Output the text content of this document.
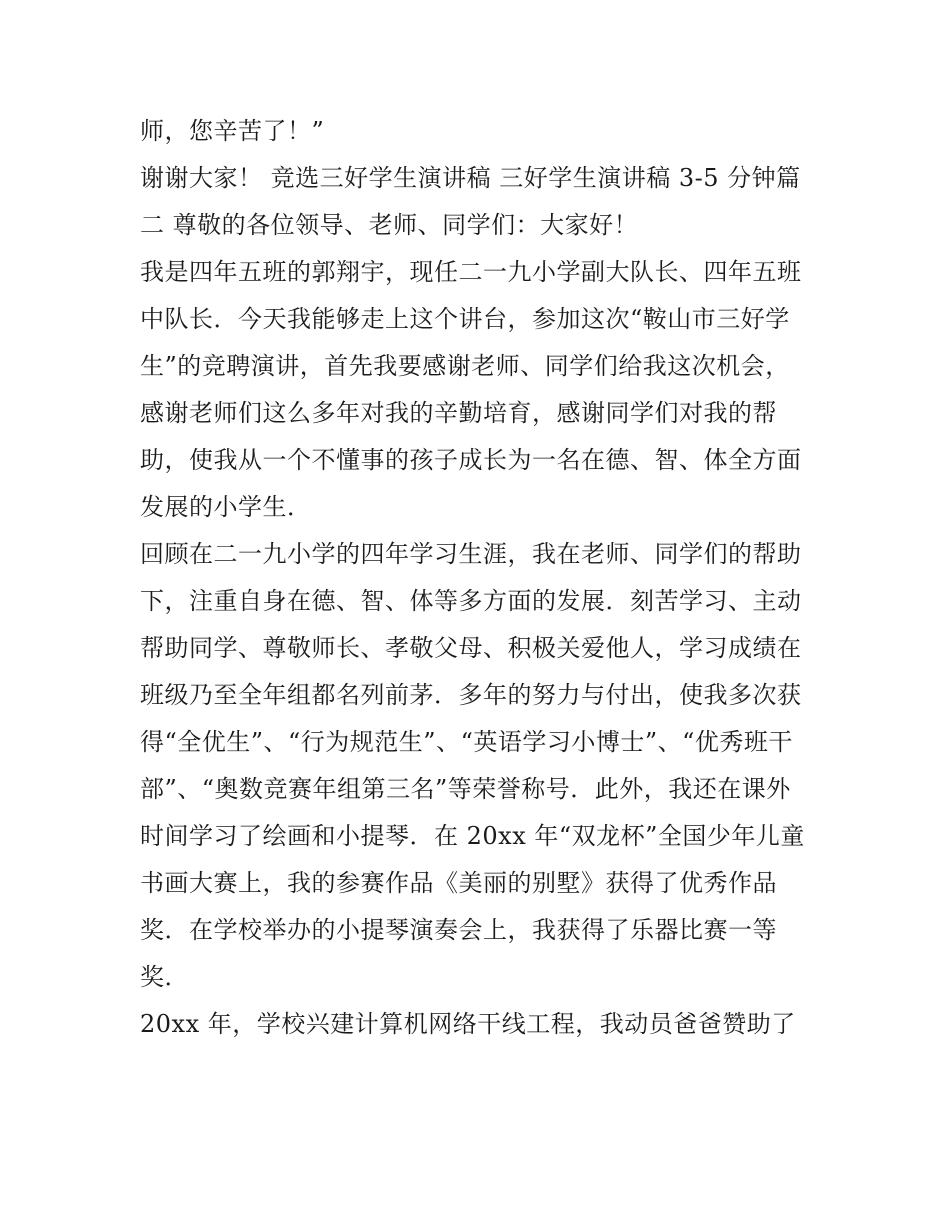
师，您辛苦了！”
谢谢大家！ 竞选三好学生演讲稿 三好学生演讲稿 3-5 分钟篇
二 尊敬的各位领导、老师、同学们：大家好！
我是四年五班的郭翔宇，现任二一九小学副大队长、四年五班
中队长．今天我能够走上这个讲台，参加这次“鞍山市三好学
生”的竞聘演讲，首先我要感谢老师、同学们给我这次机会，
感谢老师们这么多年对我的辛勤培育，感谢同学们对我的帮
助，使我从一个不懂事的孩子成长为一名在德、智、体全方面
发展的小学生．
回顾在二一九小学的四年学习生涯，我在老师、同学们的帮助
下，注重自身在德、智、体等多方面的发展．刻苦学习、主动
帮助同学、尊敬师长、孝敬父母、积极关爱他人，学习成绩在
班级乃至全年组都名列前茅．多年的努力与付出，使我多次获
得“全优生”、“行为规范生”、“英语学习小博士”、“优秀班干
部”、“奥数竞赛年组第三名”等荣誉称号．此外，我还在课外
时间学习了绘画和小提琴．在 20xx 年“双龙杯”全国少年儿童
书画大赛上，我的参赛作品《美丽的别墅》获得了优秀作品
奖．在学校举办的小提琴演奏会上，我获得了乐器比赛一等
奖．
20xx 年，学校兴建计算机网络干线工程，我动员爸爸赞助了
